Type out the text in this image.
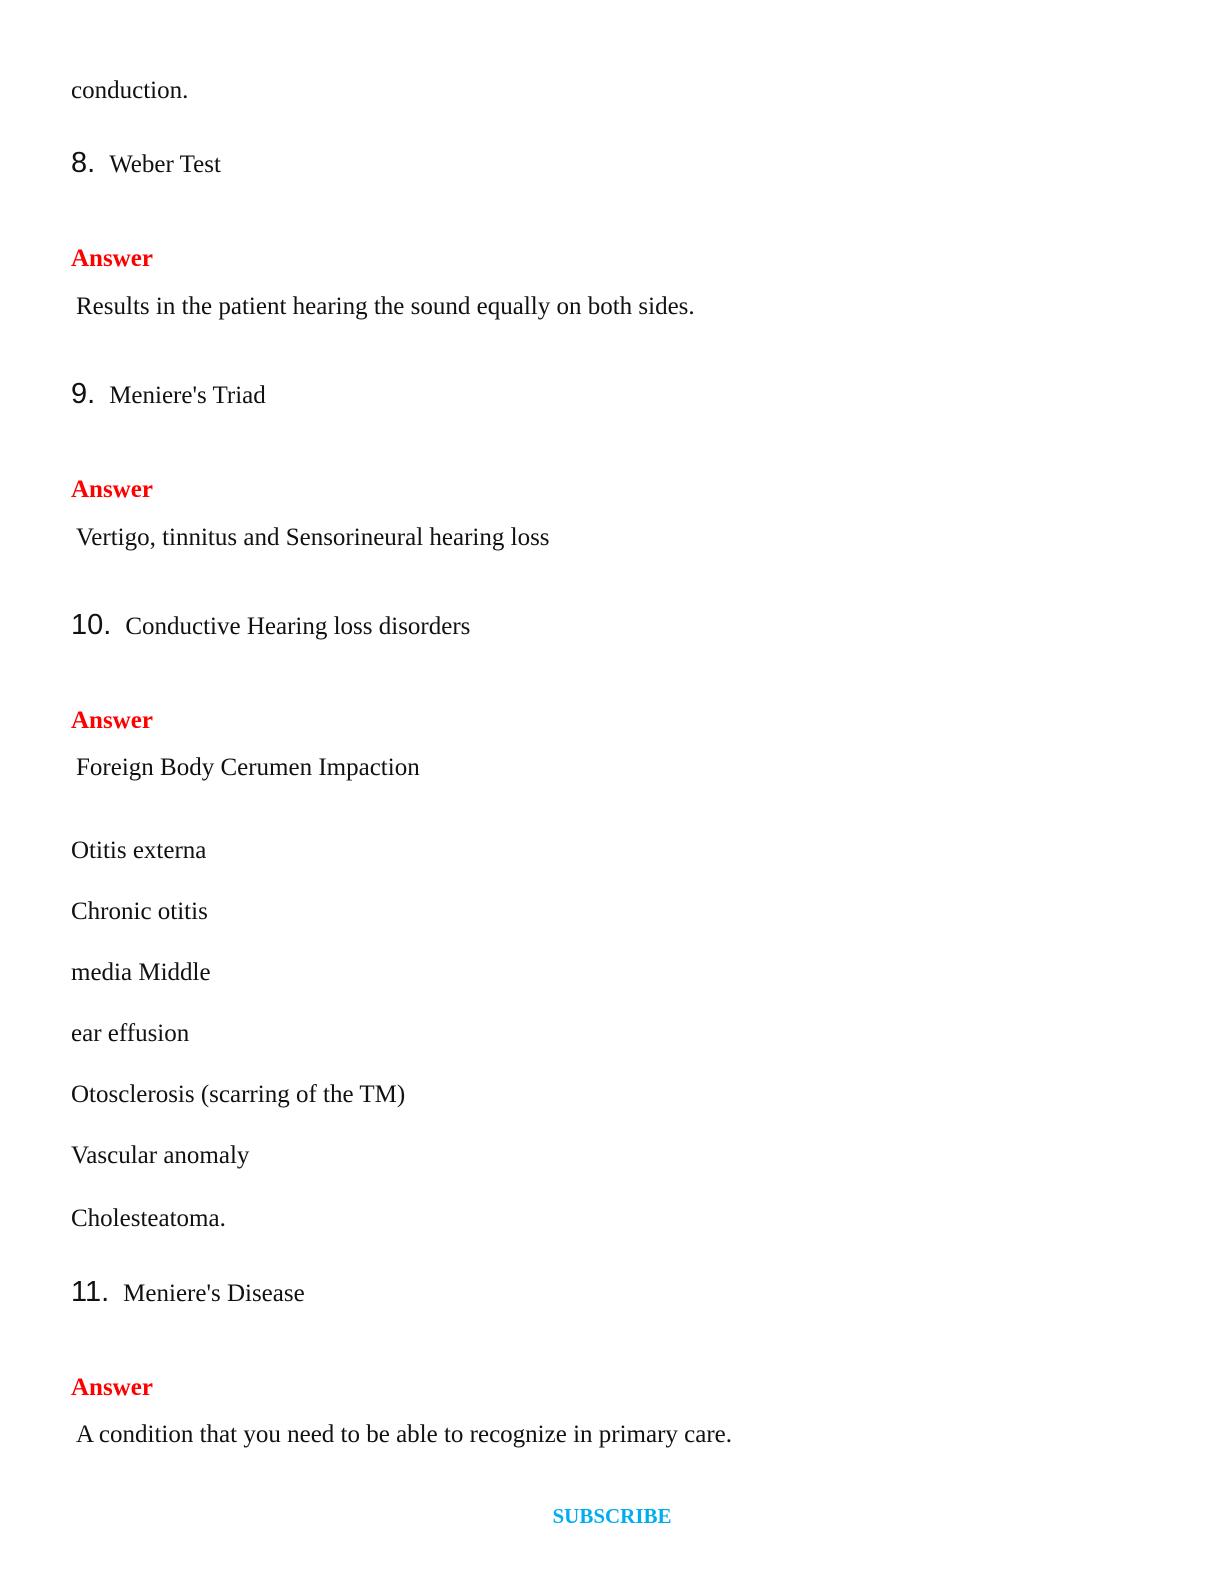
conduction.
8. Weber Test
Answer
Results in the patient hearing the sound equally on both sides.
9. Meniere's Triad
Answer
Vertigo, tinnitus and Sensorineural hearing loss
10. Conductive Hearing loss disorders
Answer
Foreign Body Cerumen Impaction
Otitis externa
Chronic otitis
media Middle
ear effusion
Otosclerosis (scarring of the TM)
Vascular anomaly
Cholesteatoma.
11. Meniere's Disease
Answer
A condition that you need to be able to recognize in primary care.
SUBSCRIBE
